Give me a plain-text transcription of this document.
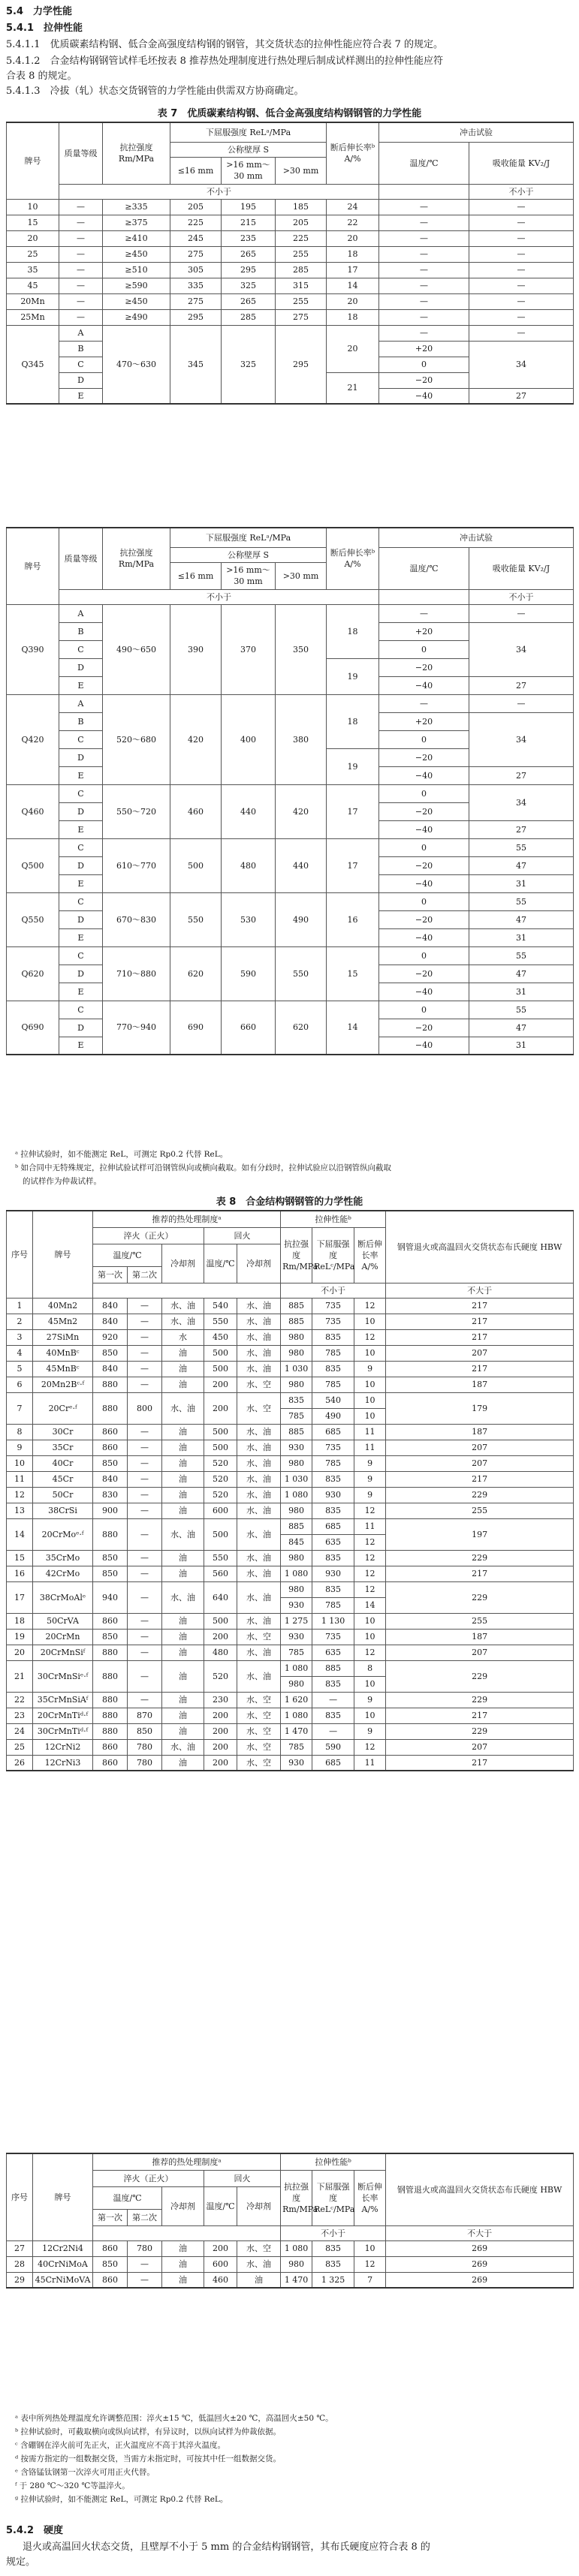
5.4　力学性能
5.4.1　拉伸性能
5.4.1.1　优质碳素结构钢、低合金高强度结构钢的钢管，其交货状态的拉伸性能应符合表 7 的规定。
5.4.1.2　合金结构钢钢管试样毛坯按表 8 推荐热处理制度进行热处理后制成试样测出的拉伸性能应符
合表 8 的规定。
5.4.1.3　冷拔（轧）状态交货钢管的力学性能由供需双方协商确定。
表 7　优质碳素结构钢、低合金高强度结构钢钢管的力学性能
牌号	质量等级	抗拉强度 Rm/MPa	下屈服强度 ReLᵃ/MPa			断后伸长率ᵇ A/%	冲击试验	
			公称壁厚 S				温度/℃	吸收能量 KV₂/J
			≤16 mm	>16 mm～30 mm	>30 mm			
	不小于							不小于
10	—	≥335	205	195	185	24	—	—
15	—	≥375	225	215	205	22	—	—
20	—	≥410	245	235	225	20	—	—
25	—	≥450	275	265	255	18	—	—
35	—	≥510	305	295	285	17	—	—
45	—	≥590	335	325	315	14	—	—
20Mn	—	≥450	275	265	255	20	—	—
25Mn	—	≥490	295	285	275	18	—	—
Q345	A	470～630	345	325	295	20	—	—
	B						+20	34
	C						0	
	D					21	−20	
	E						−40	27
牌号	质量等级	抗拉强度 Rm/MPa	下屈服强度 ReLᵃ/MPa			断后伸长率ᵇ A/%	冲击试验	
			公称壁厚 S				温度/℃	吸收能量 KV₂/J
			≤16 mm	>16 mm～30 mm	>30 mm			
	不小于							不小于
Q390	A	490～650	390	370	350	18	—	—
	B						+20	34
	C						0	
	D					19	−20	
	E						−40	27
Q420	A	520～680	420	400	380	18	—	—
	B						+20	34
	C						0	
	D					19	−20	
	E						−40	27
Q460	C	550～720	460	440	420	17	0	34
	D						−20	
	E						−40	27
Q500	C	610～770	500	480	440	17	0	55
	D						−20	47
	E						−40	31
Q550	C	670～830	550	530	490	16	0	55
	D						−20	47
	E						−40	31
Q620	C	710～880	620	590	550	15	0	55
	D						−20	47
	E						−40	31
Q690	C	770～940	690	660	620	14	0	55
	D						−20	47
	E						−40	31
ᵃ 拉伸试验时，如不能测定 ReL，可测定 Rp0.2 代替 ReL。
ᵇ 如合同中无特殊规定，拉伸试验试样可沿钢管纵向或横向截取。如有分歧时，拉伸试验应以沿钢管纵向截取
的试样作为仲裁试样。
表 8　合金结构钢钢管的力学性能
序号	牌号	推荐的热处理制度ᵃ					拉伸性能ᵇ			钢管退火或高温回火交货状态布氏硬度 HBW
		淬火（正火）			回火		抗拉强度 Rm/MPa	下屈服强度 ReLᶜ/MPa	断后伸长率 A/%	
		温度/℃		冷却剂	温度/℃	冷却剂				
		第一次	第二次							
							不小于			不大于
1	40Mn2	840	—	水、油	540	水、油	885	735	12	217
2	45Mn2	840	—	水、油	550	水、油	885	735	10	217
3	27SiMn	920	—	水	450	水、油	980	835	12	217
4	40MnBᶜ	850	—	油	500	水、油	980	785	10	207
5	45MnBᶜ	840	—	油	500	水、油	1 030	835	9	217
6	20Mn2Bᶜ·ᶠ	880	—	油	200	水、空	980	785	10	187
7	20Crᵉ·ᶠ	880	800	水、油	200	水、空	835	540	10	179
							785	490	10	
8	30Cr	860	—	油	500	水、油	885	685	11	187
9	35Cr	860	—	油	500	水、油	930	735	11	207
10	40Cr	850	—	油	520	水、油	980	785	9	207
11	45Cr	840	—	油	520	水、油	1 030	835	9	217
12	50Cr	830	—	油	520	水、油	1 080	930	9	229
13	38CrSi	900	—	油	600	水、油	980	835	12	255
14	20CrMoᵉ·ᶠ	880	—	水、油	500	水、油	885	685	11	197
							845	635	12	
15	35CrMo	850	—	油	550	水、油	980	835	12	229
16	42CrMo	850	—	油	560	水、油	1 080	930	12	217
17	38CrMoAlᵉ	940	—	水、油	640	水、油	980	835	12	229
							930	785	14	
18	50CrVA	860	—	油	500	水、油	1 275	1 130	10	255
19	20CrMn	850	—	油	200	水、空	930	735	10	187
20	20CrMnSiᶠ	880	—	油	480	水、油	785	635	12	207
21	30CrMnSiᵉ·ᶠ	880	—	油	520	水、油	1 080	885	8	229
							980	835	10	
22	35CrMnSiAᶠ	880	—	油	230	水、空	1 620	—	9	229
23	20CrMnTiᵈ·ᶠ	880	870	油	200	水、空	1 080	835	10	217
24	30CrMnTiᵈ·ᶠ	880	850	油	200	水、空	1 470	—	9	229
25	12CrNi2	860	780	水、油	200	水、空	785	590	12	207
26	12CrNi3	860	780	油	200	水、空	930	685	11	217
序号	牌号	推荐的热处理制度ᵃ					拉伸性能ᵇ			钢管退火或高温回火交货状态布氏硬度 HBW
		淬火（正火）			回火		抗拉强度 Rm/MPa	下屈服强度 ReLᶜ/MPa	断后伸长率 A/%	
		温度/℃		冷却剂	温度/℃	冷却剂				
		第一次	第二次							
							不小于			不大于
27	12Cr2Ni4	860	780	油	200	水、空	1 080	835	10	269
28	40CrNiMoA	850	—	油	600	水、油	980	835	12	269
29	45CrNiMoVA	860	—	油	460	油	1 470	1 325	7	269
ᵃ 表中所列热处理温度允许调整范围：淬火±15 ℃，低温回火±20 ℃，高温回火±50 ℃。
ᵇ 拉伸试验时，可截取横向或纵向试样，有异议时，以纵向试样为仲裁依据。
ᶜ 含硼钢在淬火前可先正火，正火温度应不高于其淬火温度。
ᵈ 按需方指定的一组数据交货，当需方未指定时，可按其中任一组数据交货。
ᵉ 含铬锰钛钢第一次淬火可用正火代替。
ᶠ 于 280 ℃～320 ℃等温淬火。
ᵍ 拉伸试验时，如不能测定 ReL，可测定 Rp0.2 代替 ReL。
5.4.2　硬度
退火或高温回火状态交货，且壁厚不小于 5 mm 的合金结构钢钢管，其布氏硬度应符合表 8 的
规定。
